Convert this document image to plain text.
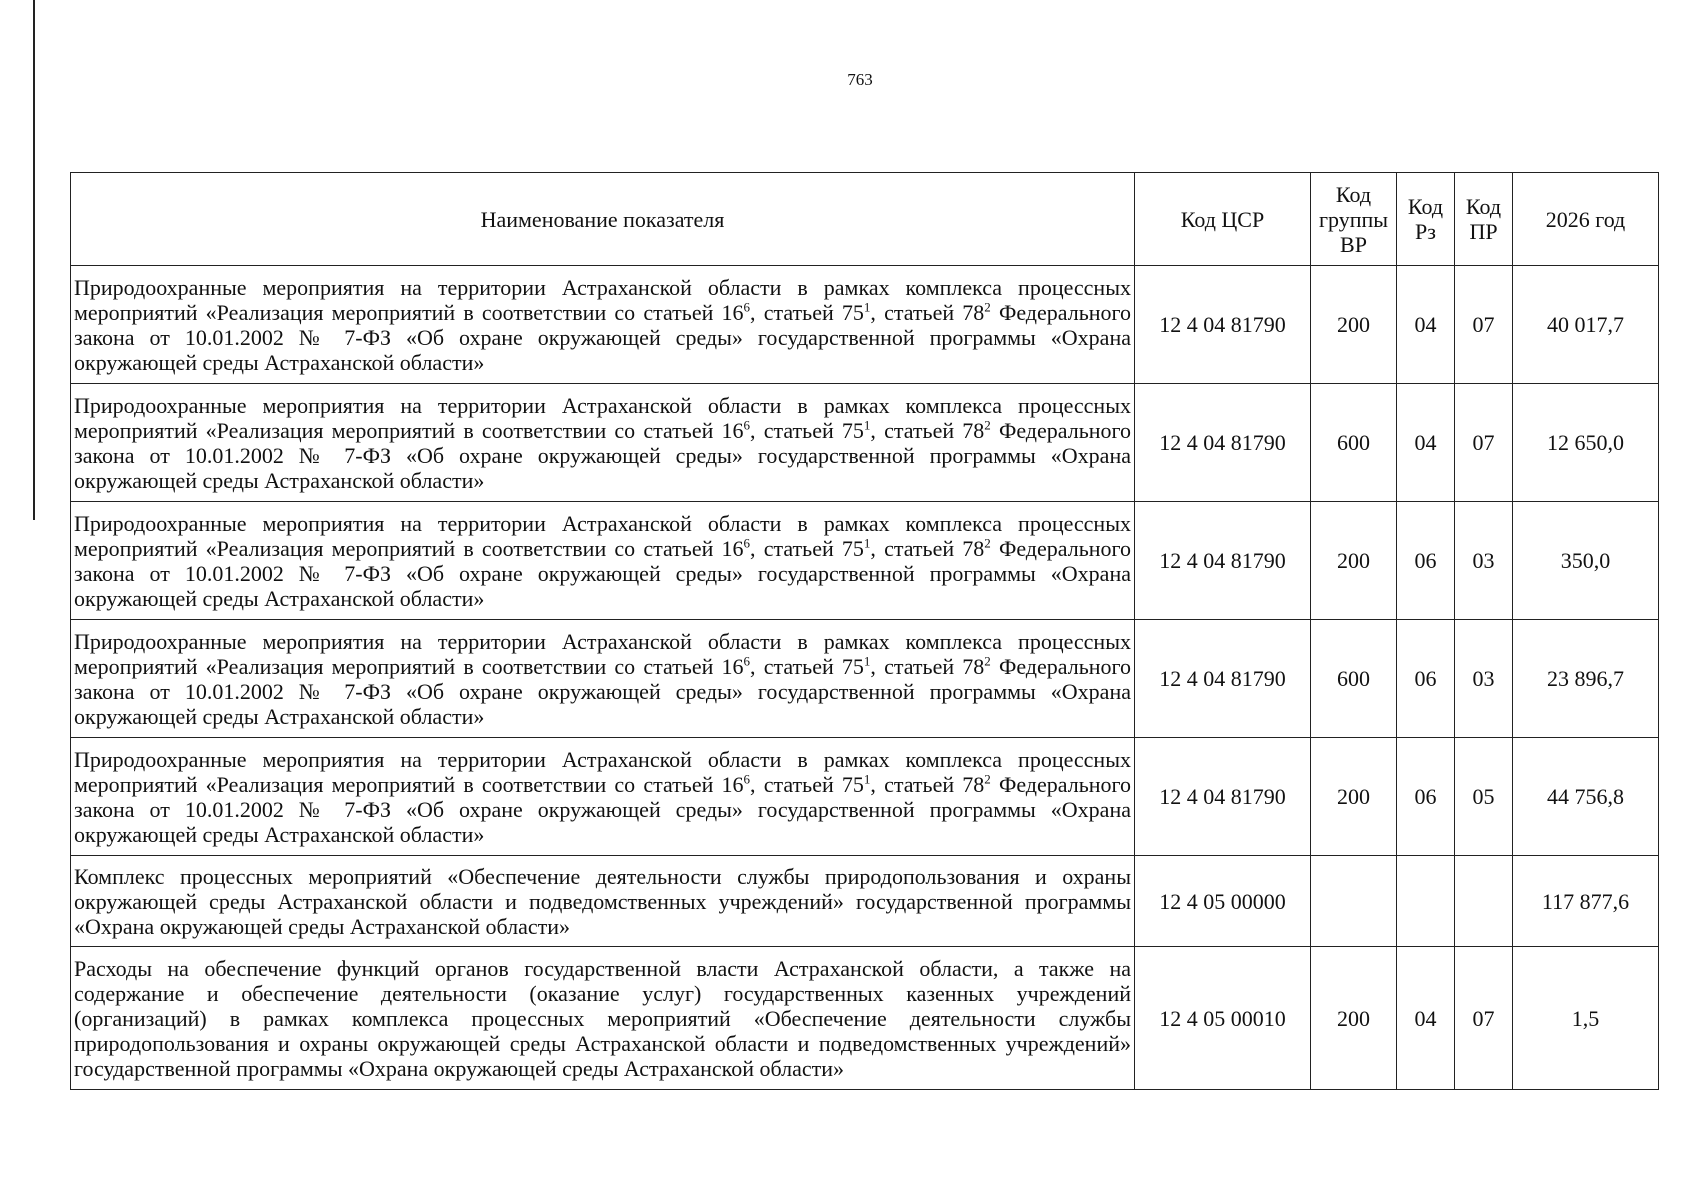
763
Наименование показателя	Код ЦСР	Код группы ВР	Код Рз	Код ПР	2026 год
Природоохранные мероприятия на территории Астраханской области в рамках комплекса процессных мероприятий «Реализация мероприятий в соответствии со статьей $16^6$, статьей $75^1$, статьей $78^2$ Федерального закона от 10.01.2002 № 7-ФЗ «Об охране окружающей среды» государственной программы «Охрана окружающей среды Астраханской области»	12 4 04 81790	200	04	07	40 017,7
Природоохранные мероприятия на территории Астраханской области в рамках комплекса процессных мероприятий «Реализация мероприятий в соответствии со статьей $16^6$, статьей $75^1$, статьей $78^2$ Федерального закона от 10.01.2002 № 7-ФЗ «Об охране окружающей среды» государственной программы «Охрана окружающей среды Астраханской области»	12 4 04 81790	600	04	07	12 650,0
Природоохранные мероприятия на территории Астраханской области в рамках комплекса процессных мероприятий «Реализация мероприятий в соответствии со статьей $16^6$, статьей $75^1$, статьей $78^2$ Федерального закона от 10.01.2002 № 7-ФЗ «Об охране окружающей среды» государственной программы «Охрана окружающей среды Астраханской области»	12 4 04 81790	200	06	03	350,0
Природоохранные мероприятия на территории Астраханской области в рамках комплекса процессных мероприятий «Реализация мероприятий в соответствии со статьей $16^6$, статьей $75^1$, статьей $78^2$ Федерального закона от 10.01.2002 № 7-ФЗ «Об охране окружающей среды» государственной программы «Охрана окружающей среды Астраханской области»	12 4 04 81790	600	06	03	23 896,7
Природоохранные мероприятия на территории Астраханской области в рамках комплекса процессных мероприятий «Реализация мероприятий в соответствии со статьей $16^6$, статьей $75^1$, статьей $78^2$ Федерального закона от 10.01.2002 № 7-ФЗ «Об охране окружающей среды» государственной программы «Охрана окружающей среды Астраханской области»	12 4 04 81790	200	06	05	44 756,8
Комплекс процессных мероприятий «Обеспечение деятельности службы природопользования и охраны окружающей среды Астраханской области и подведомственных учреждений» государственной программы «Охрана окружающей среды Астраханской области»	12 4 05 00000				117 877,6
Расходы на обеспечение функций органов государственной власти Астраханской области, а также на содержание и обеспечение деятельности (оказание услуг) государственных казенных учреждений (организаций) в рамках комплекса процессных мероприятий «Обеспечение деятельности службы природопользования и охраны окружающей среды Астраханской области и подведомственных учреждений» государственной программы «Охрана окружающей среды Астраханской области»	12 4 05 00010	200	04	07	1,5
